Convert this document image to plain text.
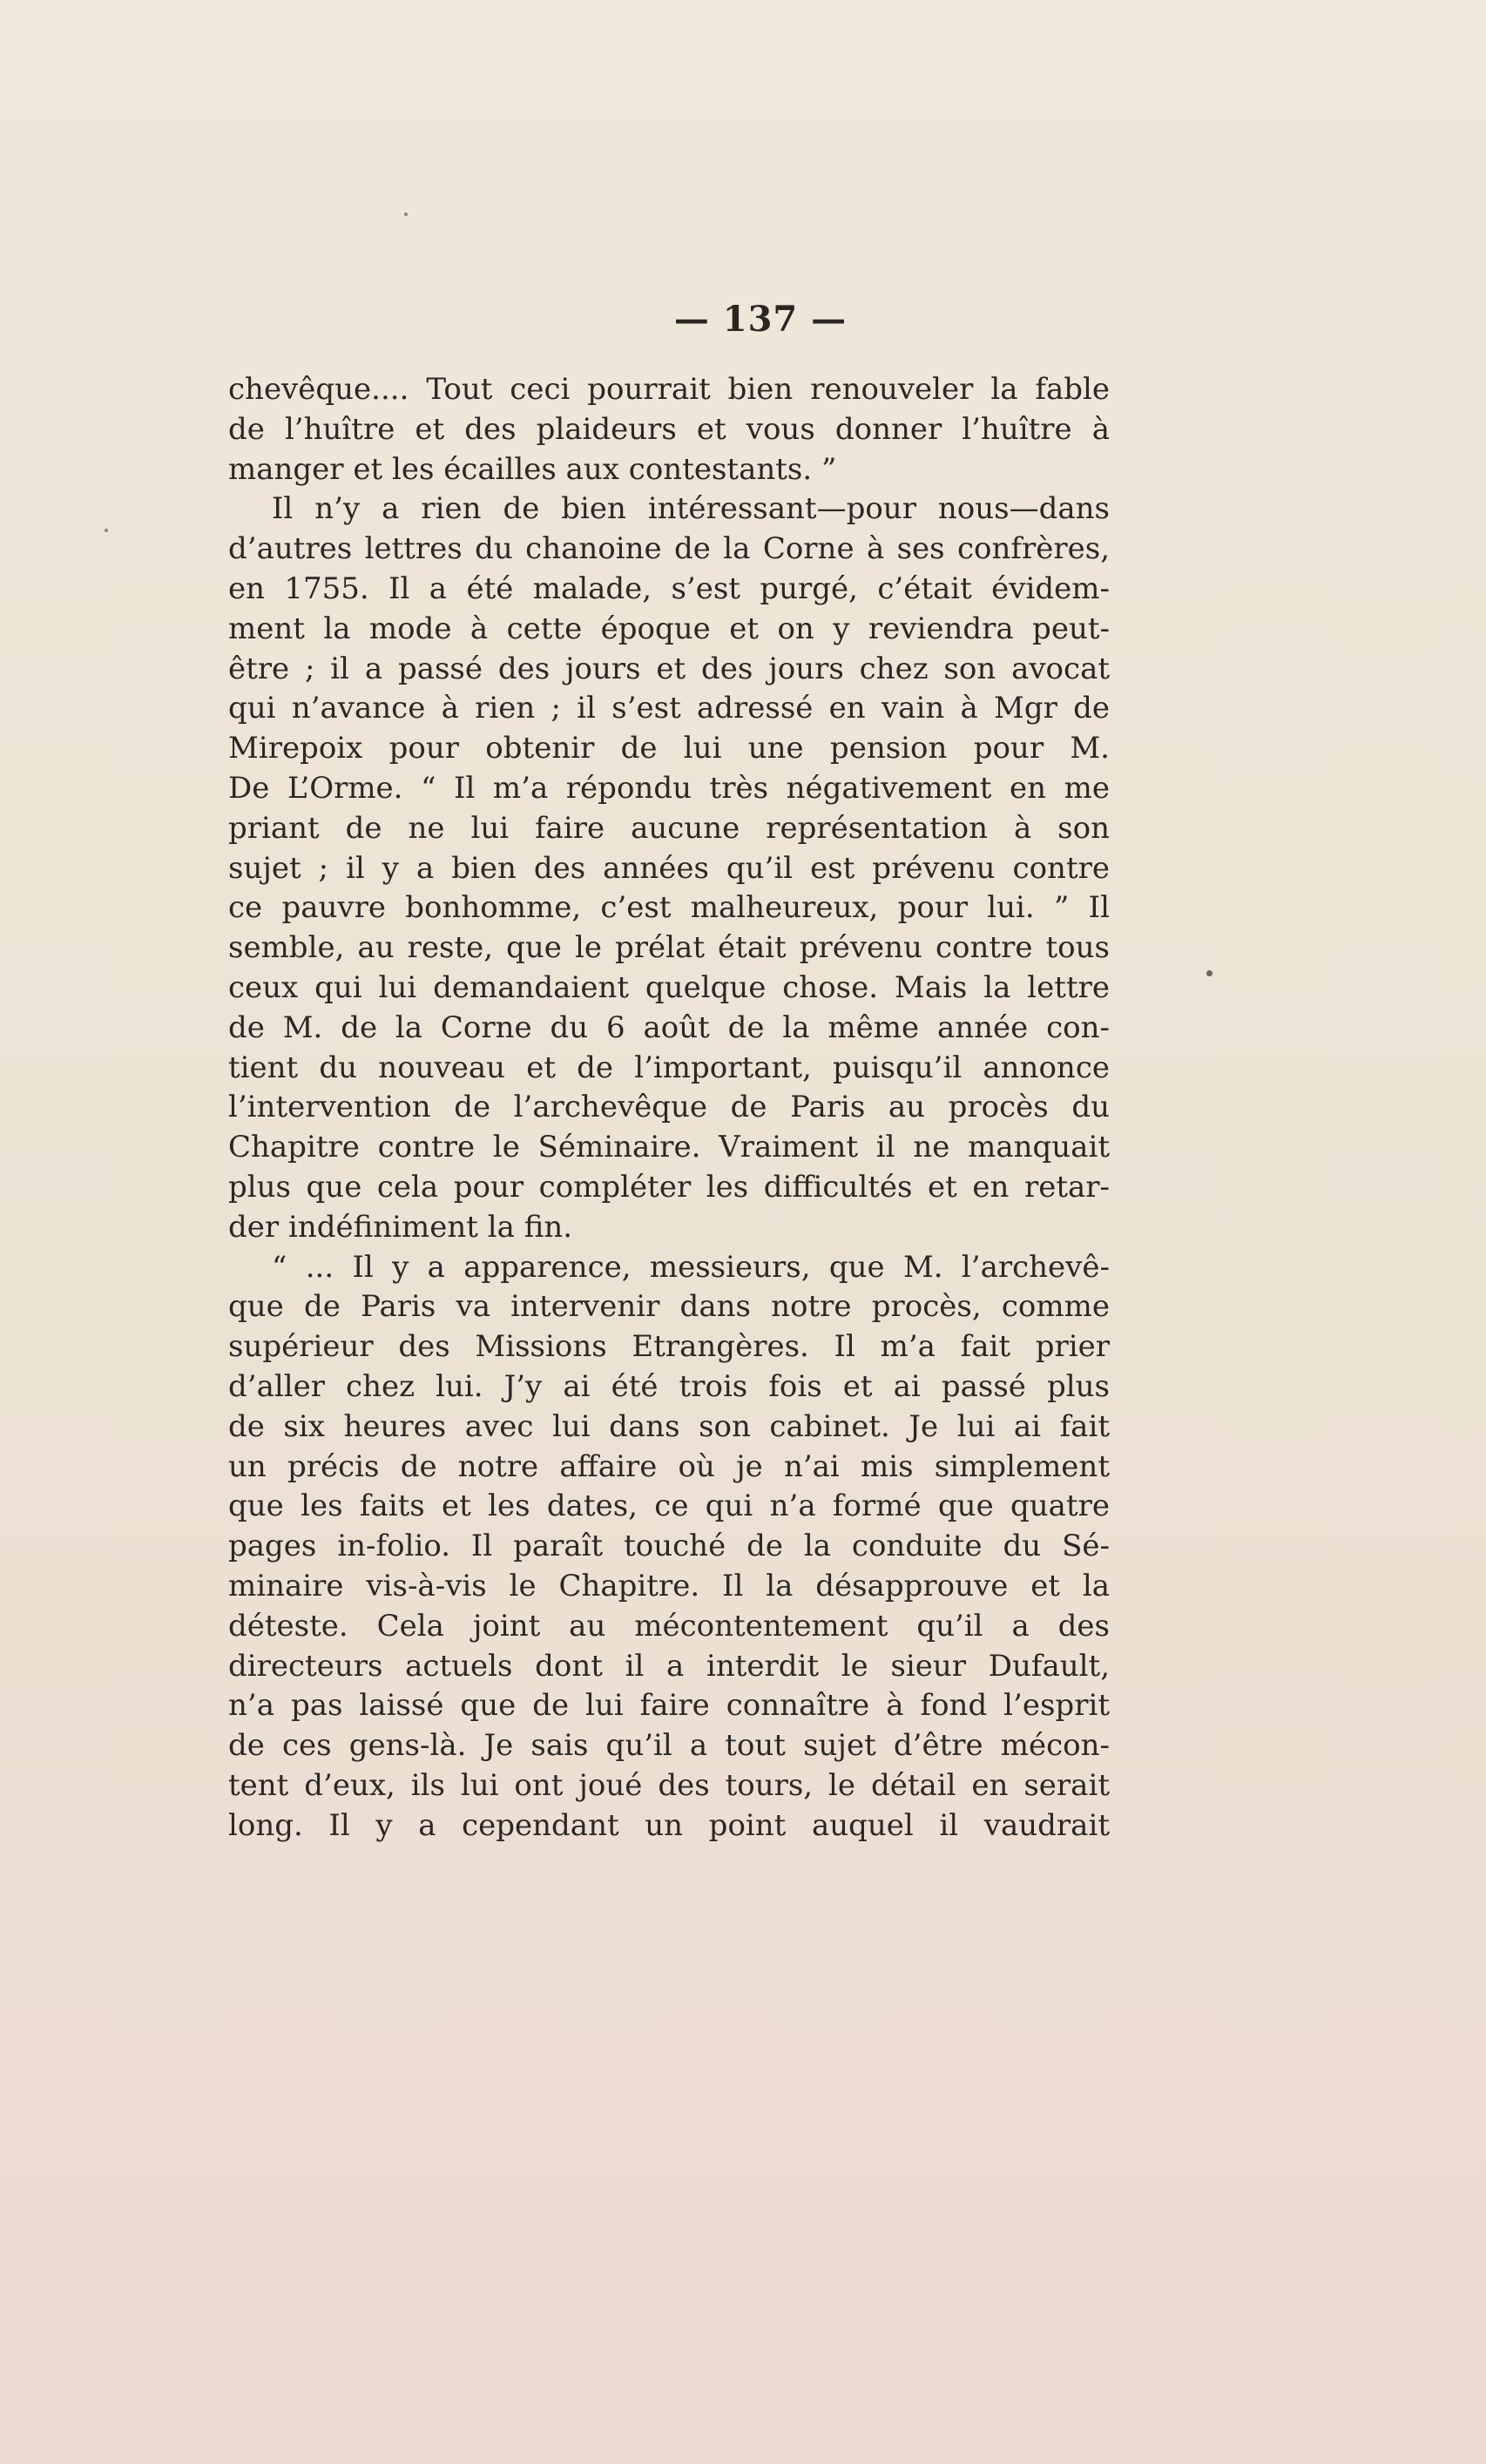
— 137 —
chevêque.... Tout ceci pourrait bien renouveler la fable
de l’huître et des plaideurs et vous donner l’huître à
manger et les écailles aux contestants. ”
Il n’y a rien de bien intéressant—pour nous—dans
d’autres lettres du chanoine de la Corne à ses confrères,
en 1755. Il a été malade, s’est purgé, c’était évidem-
ment la mode à cette époque et on y reviendra peut-
être ; il a passé des jours et des jours chez son avocat
qui n’avance à rien ; il s’est adressé en vain à Mgr de
Mirepoix pour obtenir de lui une pension pour M.
De L’Orme. “ Il m’a répondu très négativement en me
priant de ne lui faire aucune représentation à son
sujet ; il y a bien des années qu’il est prévenu contre
ce pauvre bonhomme, c’est malheureux, pour lui. ” Il
semble, au reste, que le prélat était prévenu contre tous
ceux qui lui demandaient quelque chose. Mais la lettre
de M. de la Corne du 6 août de la même année con-
tient du nouveau et de l’important, puisqu’il annonce
l’intervention de l’archevêque de Paris au procès du
Chapitre contre le Séminaire. Vraiment il ne manquait
plus que cela pour compléter les difficultés et en retar-
der indéfiniment la fin.
“ ... Il y a apparence, messieurs, que M. l’archevê-
que de Paris va intervenir dans notre procès, comme
supérieur des Missions Etrangères. Il m’a fait prier
d’aller chez lui. J’y ai été trois fois et ai passé plus
de six heures avec lui dans son cabinet. Je lui ai fait
un précis de notre affaire où je n’ai mis simplement
que les faits et les dates, ce qui n’a formé que quatre
pages in-folio. Il paraît touché de la conduite du Sé-
minaire vis-à-vis le Chapitre. Il la désapprouve et la
déteste. Cela joint au mécontentement qu’il a des
directeurs actuels dont il a interdit le sieur Dufault,
n’a pas laissé que de lui faire connaître à fond l’esprit
de ces gens-là. Je sais qu’il a tout sujet d’être mécon-
tent d’eux, ils lui ont joué des tours, le détail en serait
long. Il y a cependant un point auquel il vaudrait
